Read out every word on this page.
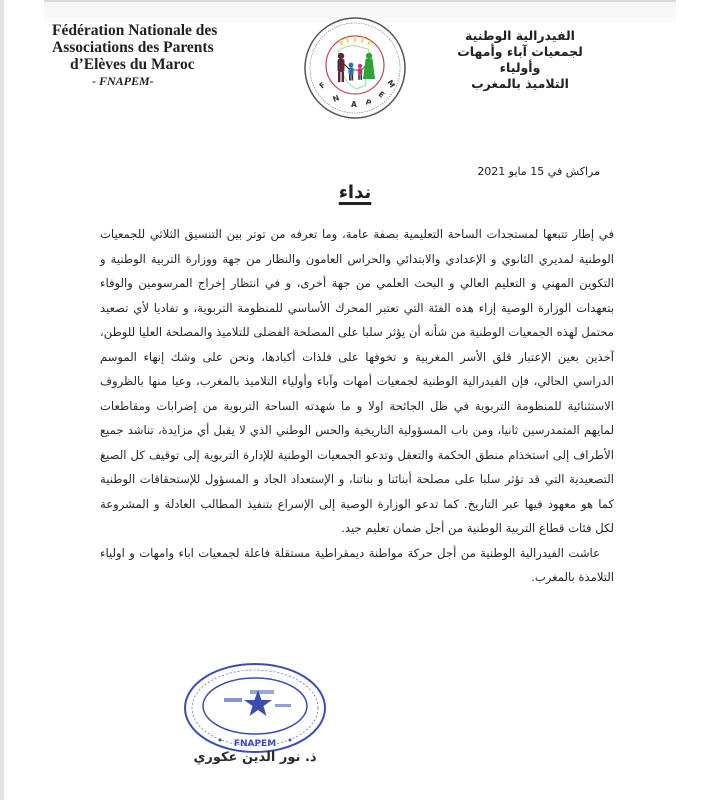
Fédération Nationale des
Associations des Parents
d’Elèves du Maroc
- FNAPEM-	F
N
A P
E
M
الفيدرالية الوطنية
لجمعيات آباء وأمهات وأولياء
التلاميذ بالمغرب
مراكش في 15 مايو 2021
نداء

في إطار تتبعها لمستجدات الساحة التعليمية بصفة عامة، وما تعرفه من توتر بين التنسيق الثلاثي للجمعيات الوطنية لمديري الثانوي و الإعدادي والابتدائي والحراس العامون والنظار من جهة ووزارة التربية الوطنية و التكوين المهني و التعليم العالي و البحث العلمي من جهة أخرى، و في انتظار إخراج المرسومين والوفاء بتعهدات الوزارة الوصية إزاء هذه الفئة التي تعتبر المحرك الأساسي للمنظومة التربوية، و تفاديا لأي تصعيد محتمل لهذه الجمعيات الوطنية من شأنه أن يؤثر سلبا على المصلحة الفضلى للتلاميذ والمصلحة العليا للوطن، آخذين بعين الإعتبار قلق الأسر المغربية و تخوفها على فلذات أكبادها، ونحن على وشك إنهاء الموسم الدراسي الحالي، فإن الفيدرالية الوطنية لجمعيات أمهات وآباء وأولياء التلاميذ بالمغرب، وعيا منها بالظروف الاستثنائية للمنظومة التربوية في ظل الجائحة اولا و ما شهدته الساحة التربوية من إضرابات ومقاطعات لمايهم المتمدرسين ثانيا، ومن باب المسؤولية التاريخية والحس الوطني الذي لا يقبل أي مزايدة، تناشد جميع الأطراف إلى استخذام منطق الحكمة والتعقل وتدعو الجمعيات الوطنية للإدارة التربوية إلى توقيف كل الصيغ التصعيدية التي قد تؤثر سلبا على مصلحة أبنائنا و بناتنا، و الإستعداد الجاد و المسؤول للإستحقاقات الوطنية كما هو معهود فيها عبر التاريخ. كما تدعو الوزارة الوصية إلى الإسراع بتنفيذ المطالب العادلة و المشروعة لكل فئات قطاع التربية الوطنية من أجل ضمان تعليم جيد.

عاشت الفيدرالية الوطنية من أجل حركة مواطنة ديمقراطية مستقلة فاعلة لجمعيات اباء وامهات و اولياء التلامذة بالمغرب.

FNAPEM
ذ. نور الدين عكوري
